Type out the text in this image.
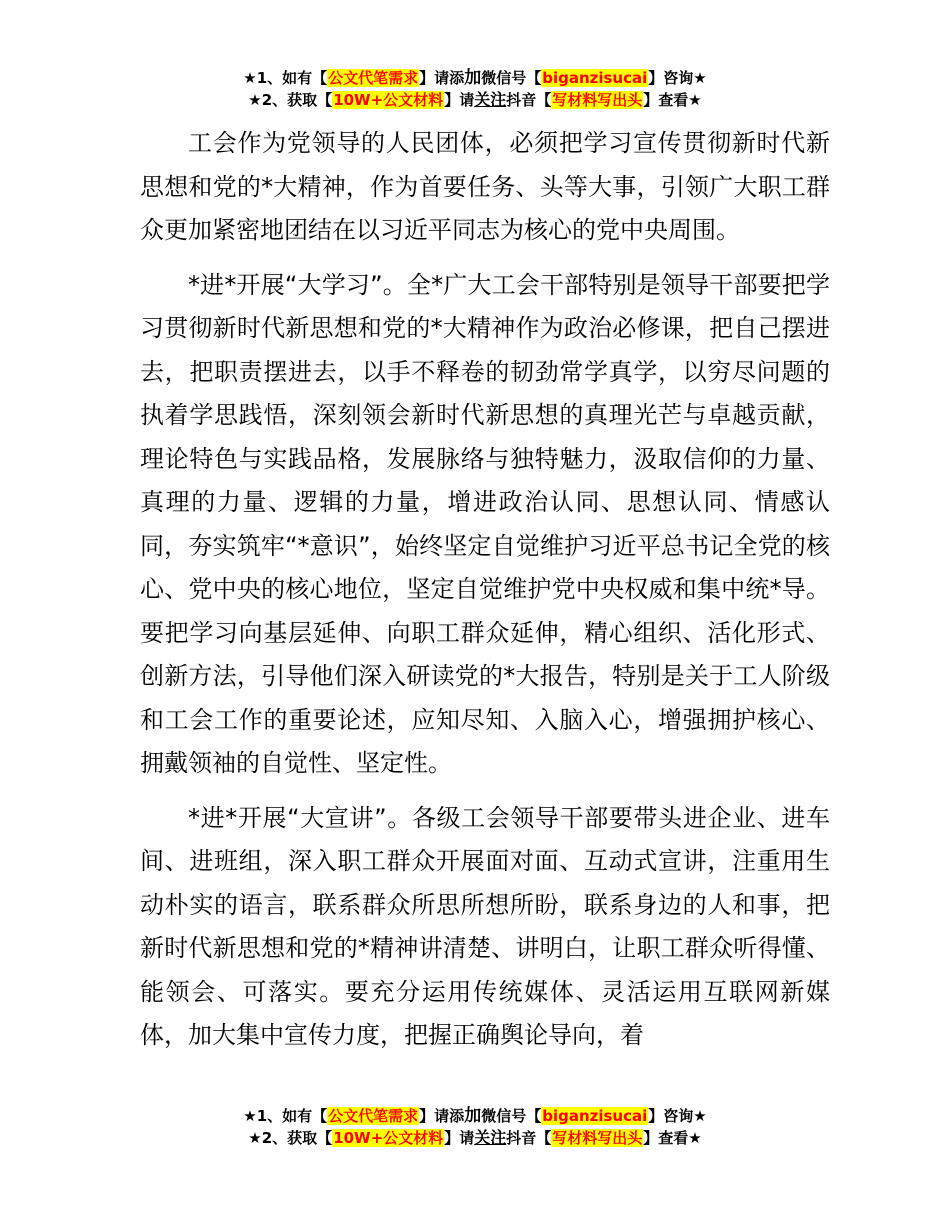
★1、如有【公文代笔需求】请添加微信号【biganzisucai】咨询★
★2、获取【10W+公文材料】请关注抖音【写材料写出头】查看★

工会作为党领导的人民团体，必须把学习宣传贯彻新时代新思想和党的*大精神，作为首要任务、头等大事，引领广大职工群众更加紧密地团结在以习近平同志为核心的党中央周围。

*进*开展“大学习”。全*广大工会干部特别是领导干部要把学习贯彻新时代新思想和党的*大精神作为政治必修课，把自己摆进去，把职责摆进去，以手不释卷的韧劲常学真学，以穷尽问题的执着学思践悟，深刻领会新时代新思想的真理光芒与卓越贡献，理论特色与实践品格，发展脉络与独特魅力，汲取信仰的力量、真理的力量、逻辑的力量，增进政治认同、思想认同、情感认同，夯实筑牢“*意识”，始终坚定自觉维护习近平总书记全党的核心、党中央的核心地位，坚定自觉维护党中央权威和集中统*导。要把学习向基层延伸、向职工群众延伸，精心组织、活化形式、创新方法，引导他们深入研读党的*大报告，特别是关于工人阶级和工会工作的重要论述，应知尽知、入脑入心，增强拥护核心、拥戴领袖的自觉性、坚定性。

*进*开展“大宣讲”。各级工会领导干部要带头进企业、进车间、进班组，深入职工群众开展面对面、互动式宣讲，注重用生动朴实的语言，联系群众所思所想所盼，联系身边的人和事，把新时代新思想和党的*精神讲清楚、讲明白，让职工群众听得懂、能领会、可落实。要充分运用传统媒体、灵活运用互联网新媒体，加大集中宣传力度，把握正确舆论导向，着

★1、如有【公文代笔需求】请添加微信号【biganzisucai】咨询★
★2、获取【10W+公文材料】请关注抖音【写材料写出头】查看★
